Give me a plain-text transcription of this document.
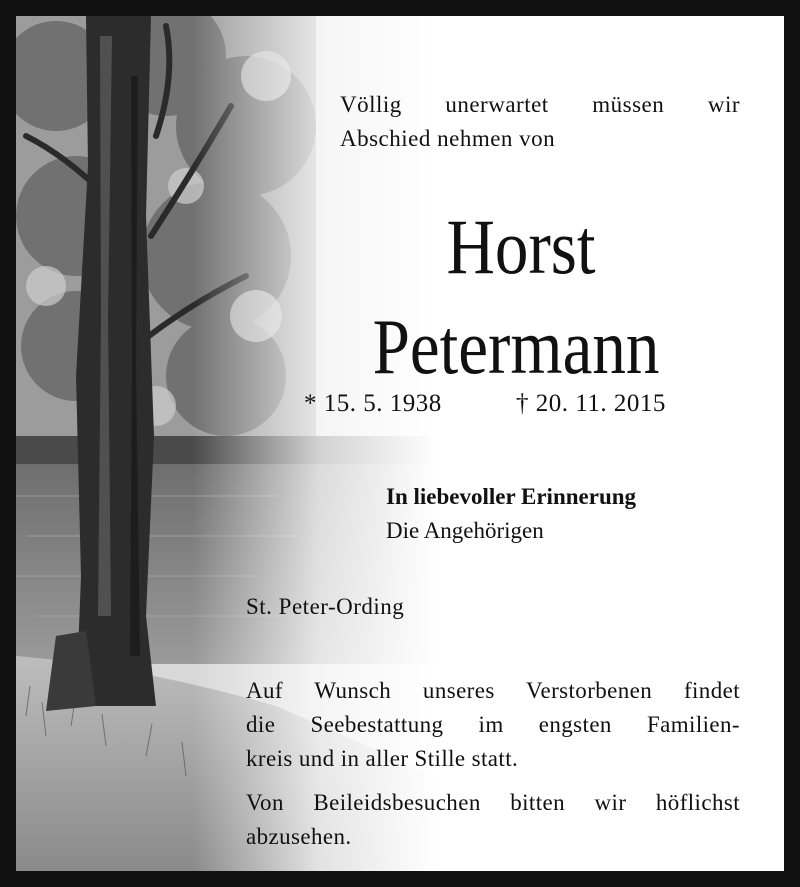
Völlig unerwartet müssen wir
Abschied nehmen von
Horst
Petermann
* 15. 5. 1938	† 20. 11. 2015
In liebevoller Erinnerung
Die Angehörigen
St. Peter-Ording
Auf Wunsch unseres Verstorbenen findet
die Seebestattung im engsten Familien-
kreis und in aller Stille statt.
Von Beileidsbesuchen bitten wir höflichst
abzusehen.
